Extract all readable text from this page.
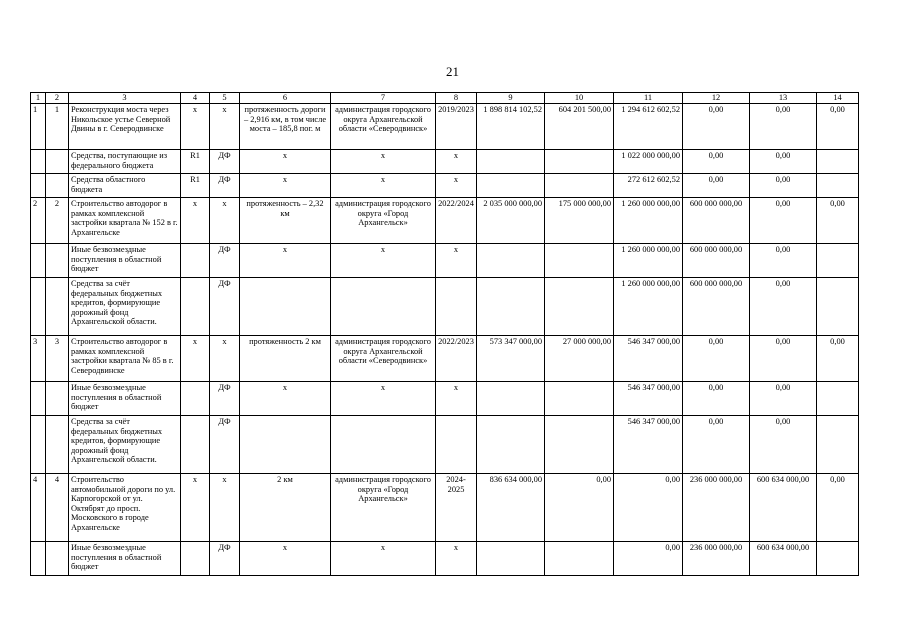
21
1	2	3	4	5	6	7	8	9	10	11	12	13	14
1	1	Реконструкция моста через Никольское устье Северной Двины в г. Северодвинске	х	х	протяженность дороги – 2,916 км, в том числе моста – 185,8 пог. м	администрация городского округа Архангельской области «Северодвинск»	2019/2023	1 898 814 102,52	604 201 500,00	1 294 612 602,52	0,00	0,00	0,00
		Средства, поступающие из федерального бюджета	R1	ДФ	х	х	х			1 022 000 000,00	0,00	0,00	
		Средства областного бюджета	R1	ДФ	х	х	х			272 612 602,52	0,00	0,00	
2	2	Строительство автодорог в рамках комплексной застройки квартала № 152 в г. Архангельске	х	х	протяженность – 2,32 км	администрация городского округа «Город Архангельск»	2022/2024	2 035 000 000,00	175 000 000,00	1 260 000 000,00	600 000 000,00	0,00	0,00
		Иные безвозмездные поступления в областной бюджет		ДФ	х	х	х			1 260 000 000,00	600 000 000,00	0,00	
		Средства за счёт федеральных бюджетных кредитов, формирующие дорожный фонд Архангельской области.		ДФ						1 260 000 000,00	600 000 000,00	0,00	
3	3	Строительство автодорог в рамках комплексной застройки квартала № 85 в г. Северодвинске	х	х	протяженность 2 км	администрация городского округа Архангельской области «Северодвинск»	2022/2023	573 347 000,00	27 000 000,00	546 347 000,00	0,00	0,00	0,00
		Иные безвозмездные поступления в областной бюджет		ДФ	х	х	х			546 347 000,00	0,00	0,00	
		Средства за счёт федеральных бюджетных кредитов, формирующие дорожный фонд Архангельской области.		ДФ						546 347 000,00	0,00	0,00	
4	4	Строительство автомобильной дороги по ул. Карпогорской от ул. Октябрят до просп. Московского в городе Архангельске	х	х	2 км	администрация городского округа «Город Архангельск»	2024-2025	836 634 000,00	0,00	0,00	236 000 000,00	600 634 000,00	0,00
		Иные безвозмездные поступления в областной бюджет		ДФ	х	х	х			0,00	236 000 000,00	600 634 000,00	
